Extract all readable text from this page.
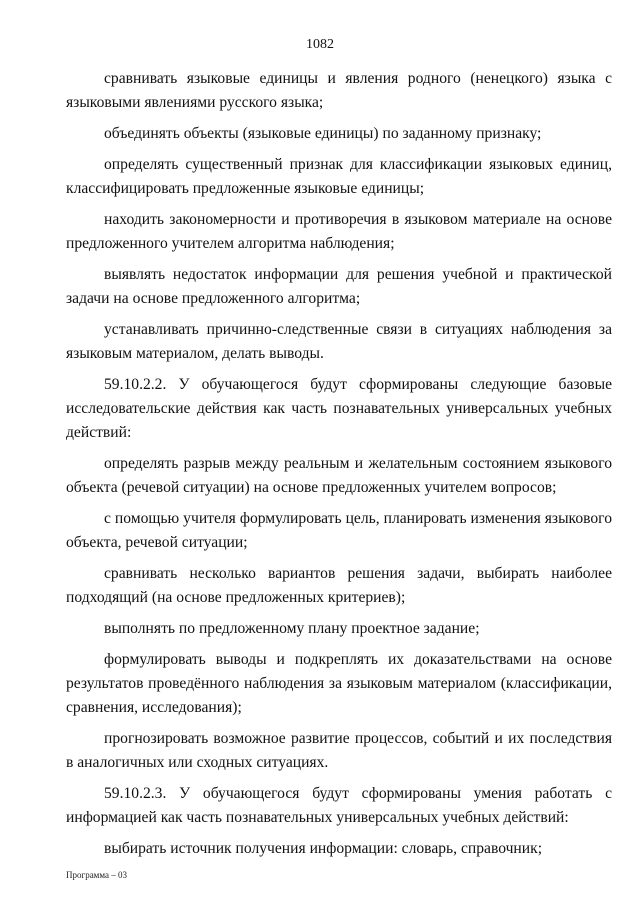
1082

сравнивать языковые единицы и явления родного (ненецкого) языка с языковыми явлениями русского языка;

объединять объекты (языковые единицы) по заданному признаку;

определять существенный признак для классификации языковых единиц, классифицировать предложенные языковые единицы;

находить закономерности и противоречия в языковом материале на основе предложенного учителем алгоритма наблюдения;

выявлять недостаток информации для решения учебной и практической задачи на основе предложенного алгоритма;

устанавливать причинно-следственные связи в ситуациях наблюдения за языковым материалом, делать выводы.

59.10.2.2. У обучающегося будут сформированы следующие базовые исследовательские действия как часть познавательных универсальных учебных действий:

определять разрыв между реальным и желательным состоянием языкового объекта (речевой ситуации) на основе предложенных учителем вопросов;

с помощью учителя формулировать цель, планировать изменения языкового объекта, речевой ситуации;

сравнивать несколько вариантов решения задачи, выбирать наиболее подходящий (на основе предложенных критериев);

выполнять по предложенному плану проектное задание;

формулировать выводы и подкреплять их доказательствами на основе результатов проведённого наблюдения за языковым материалом (классификации, сравнения, исследования);

прогнозировать возможное развитие процессов, событий и их последствия в аналогичных или сходных ситуациях.

59.10.2.3. У обучающегося будут сформированы умения работать с информацией как часть познавательных универсальных учебных действий:

выбирать источник получения информации: словарь, справочник;

Программа – 03
